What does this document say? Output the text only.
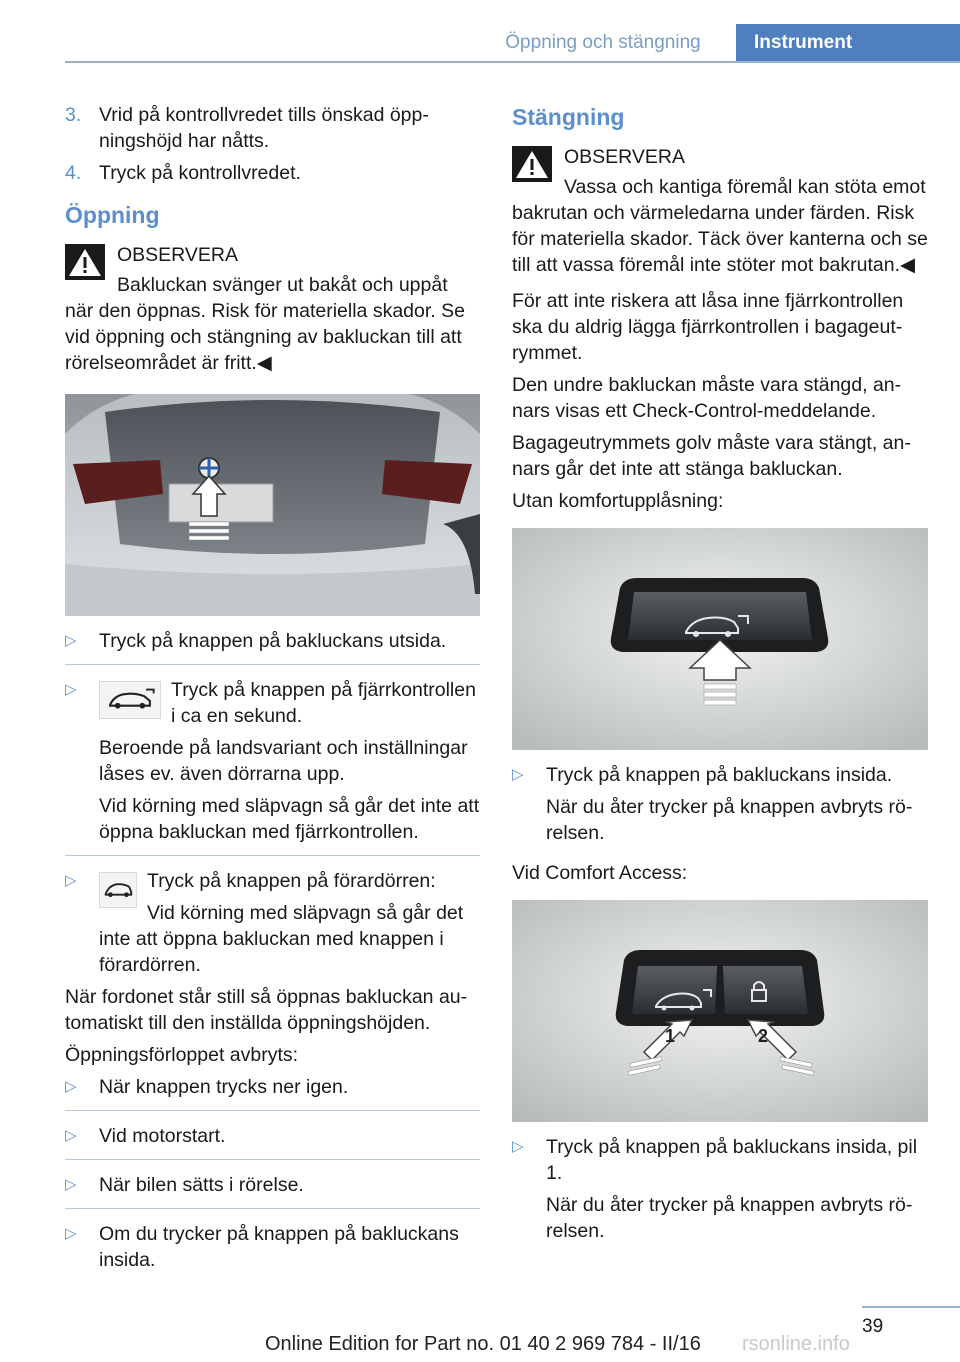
Öppning och stängning	Instrument
3. Vrid på kontrollvredet tills önskad öppningshöjd har nåtts.
4. Tryck på kontrollvredet.
Öppning

OBSERVERA

Bakluckan svänger ut bakåt och uppåt när den öppnas. Risk för materiella skador. Se vid öppning och stängning av bakluckan till att rörelseområdet är fritt.◀

▷ Tryck på knappen på bakluckans utsida.
▷	Tryck på knappen på fjärrkontrollen i ca en sekund.
Beroende på landsvariant och inställningar låses ev. även dörrarna upp.
Vid körning med släpvagn så går det inte att öppna bakluckan med fjärrkontrollen.
▷	Tryck på knappen på förardörren:
Vid körning med släpvagn så går det inte att öppna bakluckan med knappen i förardörren.

När fordonet står still så öppnas bakluckan automatiskt till den inställda öppningshöjden.

Öppningsförloppet avbryts:

▷ När knappen trycks ner igen.
▷ Vid motorstart.
▷ När bilen sätts i rörelse.
▷ Om du trycker på knappen på bakluckans insida.
Stängning

OBSERVERA

Vassa och kantiga föremål kan stöta emot bakrutan och värmeledarna under färden. Risk för materiella skador. Täck över kanterna och se till att vassa föremål inte stöter mot bakrutan.◀

För att inte riskera att låsa inne fjärrkontrollen ska du aldrig lägga fjärrkontrollen i bagageutrymmet.

Den undre bakluckan måste vara stängd, annars visas ett Check-Control-meddelande.

Bagageutrymmets golv måste vara stängt, annars går det inte att stänga bakluckan.

Utan komfortupplåsning:

▷ Tryck på knappen på bakluckans insida.
När du åter trycker på knappen avbryts rörelsen.

Vid Comfort Access:

1	2
▷ Tryck på knappen på bakluckans insida, pil 1.
När du åter trycker på knappen avbryts rörelsen.
39
Online Edition for Part no. 01 40 2 969 784 - II/16 rsonline.info
